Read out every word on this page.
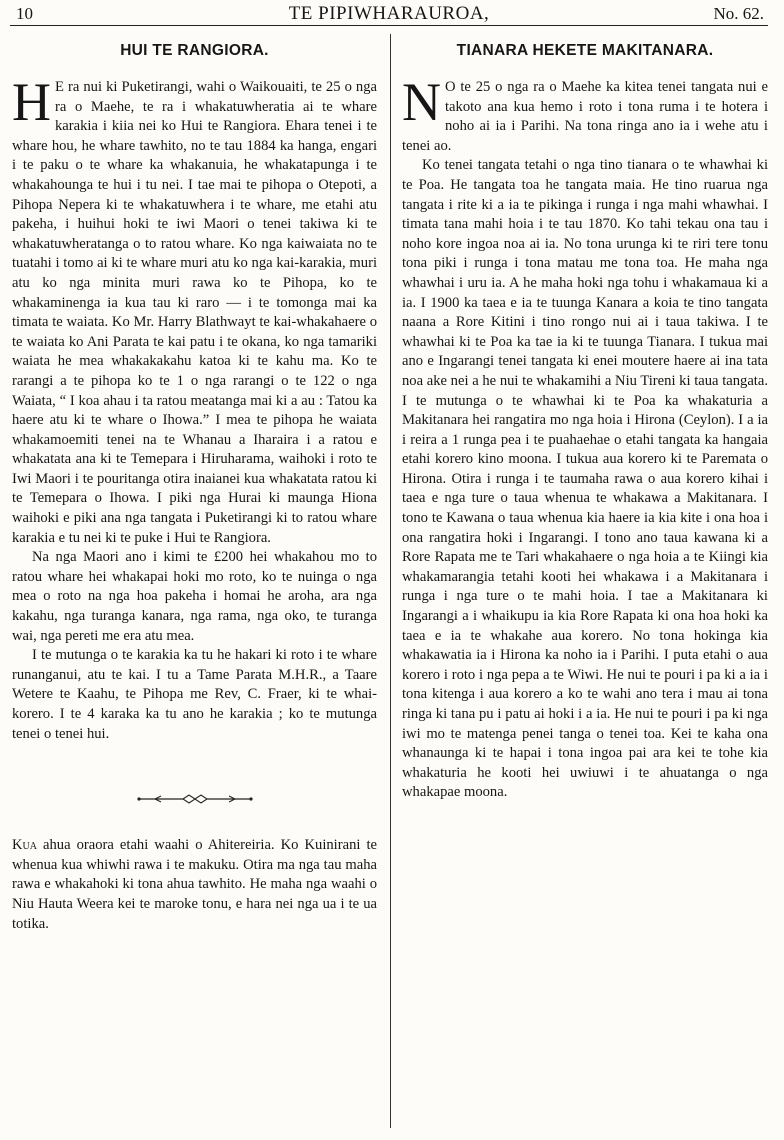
10	TE PIPIWHARAUROA,	No. 62.
HUI TE RANGIORA.

H E ra nui ki Puketirangi, wahi o Waikouaiti, te 25 o nga ra o Maehe, te ra i whakatuwheratia ai te whare karakia i kiia nei ko Hui te Rangiora. Ehara tenei i te whare hou, he whare tawhito, no te tau 1884 ka hanga, engari i te paku o te whare ka whakanuia, he whakatapunga i te whakahounga te hui i tu nei. I tae mai te pihopa o Otepoti, a Pihopa Nepera ki te whakatuwhera i te whare, me etahi atu pakeha, i huihui hoki te iwi Maori o tenei takiwa ki te whakatuwheratanga o to ratou whare. Ko nga kaiwaiata no te tuatahi i tomo ai ki te whare muri atu ko nga kai-karakia, muri atu ko nga minita muri rawa ko te Pihopa, ko te whakaminenga ia kua tau ki raro — i te tomonga mai ka timata te waiata. Ko Mr. Harry Blathwayt te kai-whakahaere o te waiata ko Ani Parata te kai patu i te okana, ko nga tamariki waiata he mea whakakakahu katoa ki te kahu ma. Ko te rarangi a te pihopa ko te 1 o nga rarangi o te 122 o nga Waiata, “ I koa ahau i ta ratou meatanga mai ki a au : Tatou ka haere atu ki te whare o Ihowa.” I mea te pihopa he waiata whakamoemiti tenei na te Whanau a Iharaira i a ratou e whakatata ana ki te Temepara i Hiruharama, waihoki i roto te Iwi Maori i te pouritanga otira inaianei kua whakatata ratou ki te Temepara o Ihowa. I piki nga Hurai ki maunga Hiona waihoki e piki ana nga tangata i Puketirangi ki to ratou whare karakia e tu nei ki te puke i Hui te Rangiora.

Na nga Maori ano i kimi te £200 hei whakahou mo to ratou whare hei whakapai hoki mo roto, ko te nuinga o nga mea o roto na nga hoa pakeha i homai he aroha, ara nga kakahu, nga turanga kanara, nga rama, nga oko, te turanga wai, nga pereti me era atu mea.

I te mutunga o te karakia ka tu he hakari ki roto i te whare runanganui, atu te kai. I tu a Tame Parata M.H.R., a Taare Wetere te Kaahu, te Pihopa me Rev, C. Fraer, ki te whai-korero. I te 4 karaka ka tu ano he karakia ; ko te mutunga tenei o tenei hui.

Kua ahua oraora etahi waahi o Ahitereiria. Ko Kuinirani te whenua kua whiwhi rawa i te makuku. Otira ma nga tau maha rawa e whakahoki ki tona ahua tawhito. He maha nga waahi o Niu Hauta Weera kei te maroke tonu, e hara nei nga ua i te ua totika.

TIANARA HEKETE MAKITANARA.

N O te 25 o nga ra o Maehe ka kitea tenei tangata nui e takoto ana kua hemo i roto i tona ruma i te hotera i noho ai ia i Parihi. Na tona ringa ano ia i wehe atu i tenei ao.

Ko tenei tangata tetahi o nga tino tianara o te whawhai ki te Poa. He tangata toa he tangata maia. He tino ruarua nga tangata i rite ki a ia te pikinga i runga i nga mahi whawhai. I timata tana mahi hoia i te tau 1870. Ko tahi tekau ona tau i noho kore ingoa noa ai ia. No tona urunga ki te riri tere tonu tona piki i runga i tona matau me tona toa. He maha nga whawhai i uru ia. A he maha hoki nga tohu i whakamaua ki a ia. I 1900 ka taea e ia te tuunga Kanara a koia te tino tangata naana a Rore Kitini i tino rongo nui ai i taua takiwa. I te whawhai ki te Poa ka tae ia ki te tuunga Tianara. I tukua mai ano e Ingarangi tenei tangata ki enei moutere haere ai ina tata noa ake nei a he nui te whakamihi a Niu Tireni ki taua tangata. I te mutunga o te whawhai ki te Poa ka whakaturia a Makitanara hei rangatira mo nga hoia i Hirona (Ceylon). I a ia i reira a 1 runga pea i te puahaehae o etahi tangata ka hangaia etahi korero kino moona. I tukua aua korero ki te Paremata o Hirona. Otira i runga i te taumaha rawa o aua korero kihai i taea e nga ture o taua whenua te whakawa a Makitanara. I tono te Kawana o taua whenua kia haere ia kia kite i ona hoa i ona rangatira hoki i Ingarangi. I tono ano taua kawana ki a Rore Rapata me te Tari whakahaere o nga hoia a te Kiingi kia whakamarangia tetahi kooti hei whakawa i a Makitanara i runga i nga ture o te mahi hoia. I tae a Makitanara ki Ingarangi a i whaikupu ia kia Rore Rapata ki ona hoa hoki ka taea e ia te whakahe aua korero. No tona hokinga kia whakawatia ia i Hirona ka noho ia i Parihi. I puta etahi o aua korero i roto i nga pepa a te Wiwi. He nui te pouri i pa ki a ia i tona kitenga i aua korero a ko te wahi ano tera i mau ai tona ringa ki tana pu i patu ai hoki i a ia. He nui te pouri i pa ki nga iwi mo te matenga penei tanga o tenei toa. Kei te kaha ona whanaunga ki te hapai i tona ingoa pai ara kei te tohe kia whakaturia he kooti hei uwiuwi i te ahuatanga o nga whakapae moona.
